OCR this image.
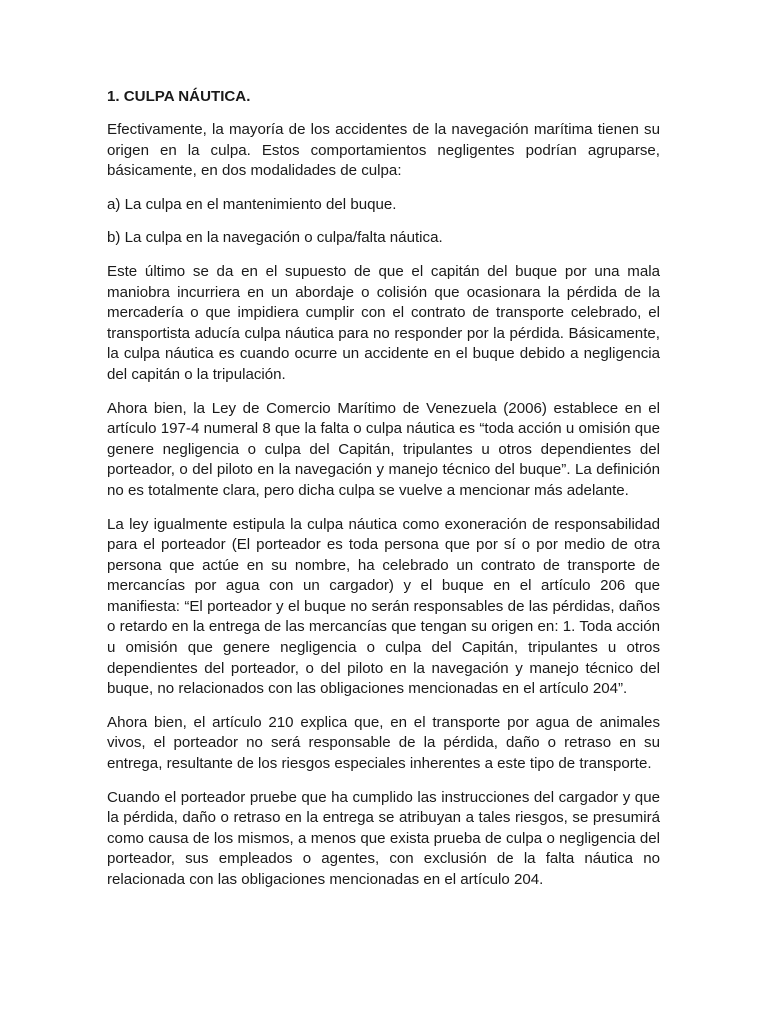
1. CULPA NÁUTICA.

Efectivamente, la mayoría de los accidentes de la navegación marítima tienen su origen en la culpa. Estos comportamientos negligentes podrían agruparse, básicamente, en dos modalidades de culpa:

a) La culpa en el mantenimiento del buque.

b) La culpa en la navegación o culpa/falta náutica.

Este último se da en el supuesto de que el capitán del buque por una mala maniobra incurriera en un abordaje o colisión que ocasionara la pérdida de la mercadería o que impidiera cumplir con el contrato de transporte celebrado, el transportista aducía culpa náutica para no responder por la pérdida. Básicamente, la culpa náutica es cuando ocurre un accidente en el buque debido a negligencia del capitán o la tripulación.

Ahora bien, la Ley de Comercio Marítimo de Venezuela (2006) establece en el artículo 197-4 numeral 8 que la falta o culpa náutica es “toda acción u omisión que genere negligencia o culpa del Capitán, tripulantes u otros dependientes del porteador, o del piloto en la navegación y manejo técnico del buque”. La definición no es totalmente clara, pero dicha culpa se vuelve a mencionar más adelante.

La ley igualmente estipula la culpa náutica como exoneración de responsabilidad para el porteador (El porteador es toda persona que por sí o por medio de otra persona que actúe en su nombre, ha celebrado un contrato de transporte de mercancías por agua con un cargador) y el buque en el artículo 206 que manifiesta: “El porteador y el buque no serán responsables de las pérdidas, daños o retardo en la entrega de las mercancías que tengan su origen en: 1. Toda acción u omisión que genere negligencia o culpa del Capitán, tripulantes u otros dependientes del porteador, o del piloto en la navegación y manejo técnico del buque, no relacionados con las obligaciones mencionadas en el artículo 204”.

Ahora bien, el artículo 210 explica que, en el transporte por agua de animales vivos, el porteador no será responsable de la pérdida, daño o retraso en su entrega, resultante de los riesgos especiales inherentes a este tipo de transporte.

Cuando el porteador pruebe que ha cumplido las instrucciones del cargador y que la pérdida, daño o retraso en la entrega se atribuyan a tales riesgos, se presumirá como causa de los mismos, a menos que exista prueba de culpa o negligencia del porteador, sus empleados o agentes, con exclusión de la falta náutica no relacionada con las obligaciones mencionadas en el artículo 204.
